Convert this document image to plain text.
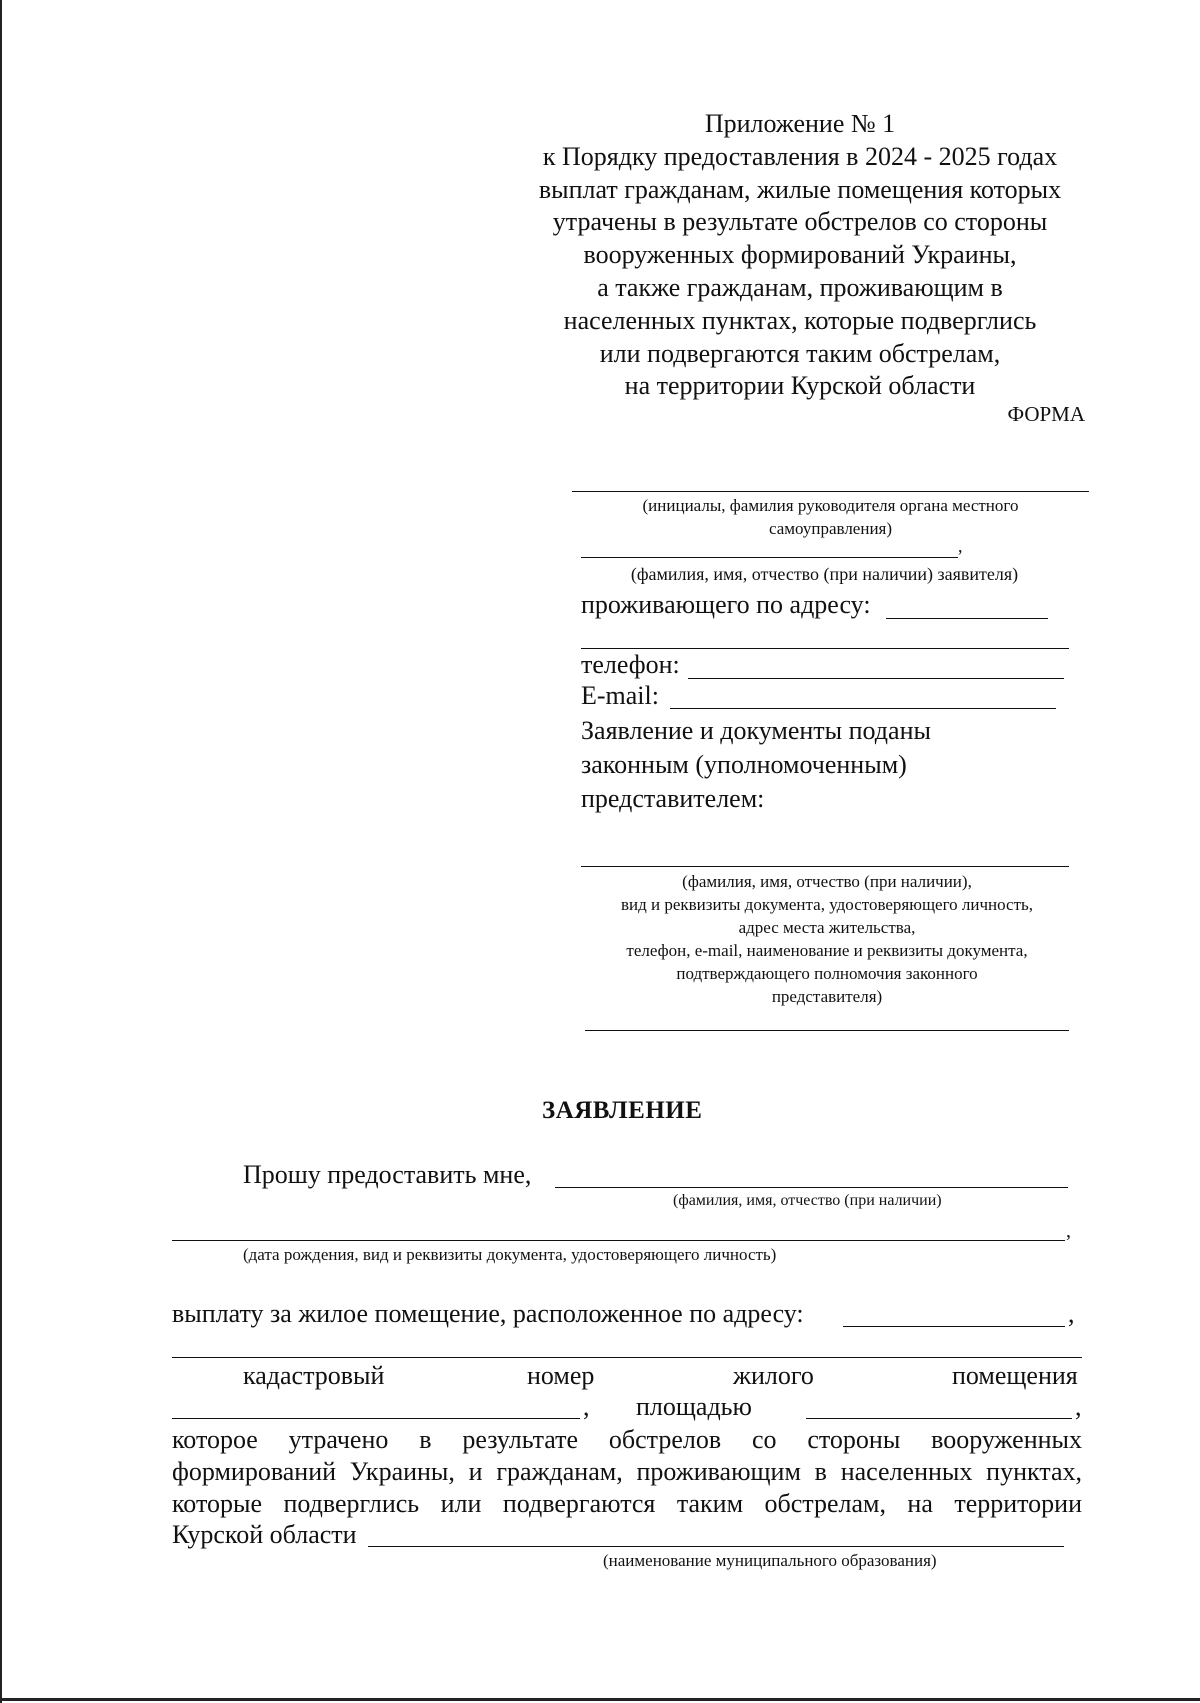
Приложение № 1
к Порядку предоставления в 2024 - 2025 годах
выплат гражданам, жилые помещения которых
утрачены в результате обстрелов со стороны
вооруженных формирований Украины,
а также гражданам, проживающим в
населенных пунктах, которые подверглись
или подвергаются таким обстрелам,
на территории Курской области
ФОРМА
(инициалы, фамилия руководителя органа местного
самоуправления)
,
(фамилия, имя, отчество (при наличии) заявителя)
проживающего по адресу:
телефон:
E-mail:
Заявление и документы поданы
законным (уполномоченным)
представителем:
(фамилия, имя, отчество (при наличии),
вид и реквизиты документа, удостоверяющего личность,
адрес места жительства,
телефон, e-mail, наименование и реквизиты документа,
подтверждающего полномочия законного
представителя)
ЗАЯВЛЕНИЕ
Прошу предоставить мне,
(фамилия, имя, отчество (при наличии)
,
(дата рождения, вид и реквизиты документа, удостоверяющего личность)
выплату за жилое помещение, расположенное по адресу:	,
кадастровый	номер	жилого	помещения
, площадью	,
которое утрачено в результате обстрелов со стороны вооруженных
формирований Украины, и гражданам, проживающим в населенных пунктах,
которые подверглись или подвергаются таким обстрелам, на территории
Курской области
(наименование муниципального образования)
